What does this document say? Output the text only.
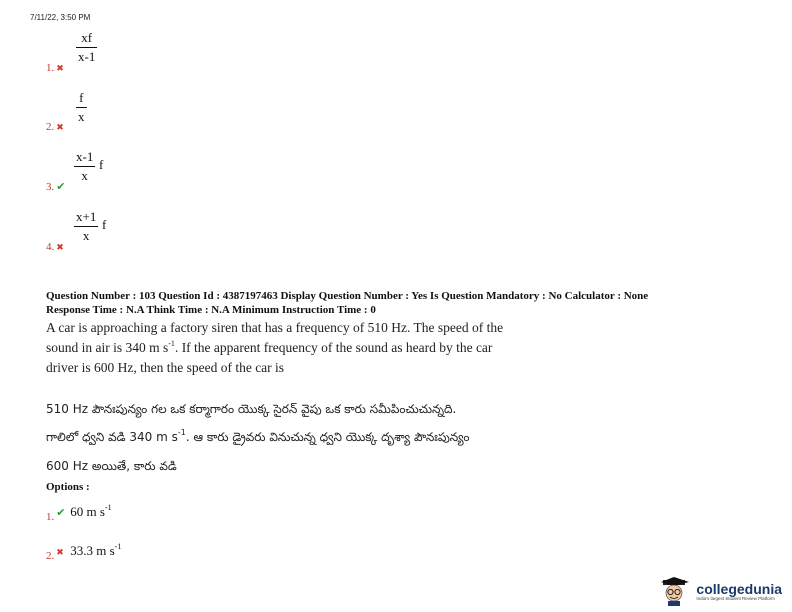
7/11/22, 3:50 PM
1. ✖
xf
x-1
2. ✖
f
x
3. ✔
x-1
x
f
4. ✖
x+1
x
f
Question Number : 103 Question Id : 4387197463 Display Question Number : Yes Is Question Mandatory : No Calculator : None
Response Time : N.A Think Time : N.A Minimum Instruction Time : 0
A car is approaching a factory siren that has a frequency of 510 Hz. The speed of the
sound in air is 340 m $s^{-1}$. If the apparent frequency of the sound as heard by the car
driver is 600 Hz, then the speed of the car is
510 Hz పౌనఃపున్యం గల ఒక కర్మాగారం యొక్క సైరన్ వైపు ఒక కారు సమీపించుచున్నది.
గాలిలో ధ్వని వడి 340 m $s^{-1}$. ఆ కారు డ్రైవరు వినుచున్న ధ్వని యొక్క దృశ్యా పౌనఃపున్యం
600 Hz అయితే, కారు వడి
Options :
$_{1.}$ ✔ 60 m $s^{-1}$
$_{2.}$ ✖ 33.3 m $s^{-1}$
collegedunia
India's largest Student Review Platform
